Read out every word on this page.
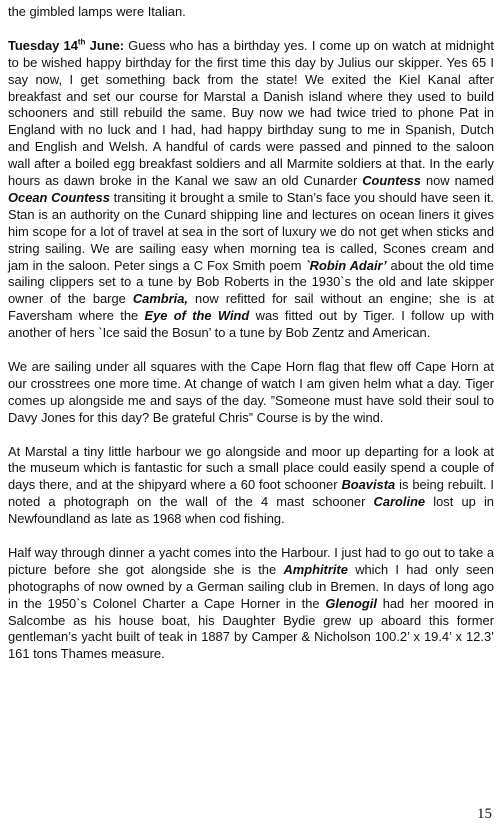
the gimbled lamps were Italian.

Tuesday 14th June: Guess who has a birthday yes. I come up on watch at midnight to be wished happy birthday for the first time this day by Julius our skipper. Yes 65 I say now, I get something back from the state! We exited the Kiel Kanal after breakfast and set our course for Marstal a Danish island where they used to build schooners and still rebuild the same. Buy now we had twice tried to phone Pat in England with no luck and I had, had happy birthday sung to me in Spanish, Dutch and English and Welsh. A handful of cards were passed and pinned to the saloon wall after a boiled egg breakfast soldiers and all Marmite soldiers at that. In the early hours as dawn broke in the Kanal we saw an old Cunarder Countess now named Ocean Countess transiting it brought a smile to Stan’s face you should have seen it. Stan is an authority on the Cunard shipping line and lectures on ocean liners it gives him scope for a lot of travel at sea in the sort of luxury we do not get when sticks and string sailing. We are sailing easy when morning tea is called, Scones cream and jam in the saloon. Peter sings a C Fox Smith poem `Robin Adair’ about the old time sailing clippers set to a tune by Bob Roberts in the 1930`s the old and late skipper owner of the barge Cambria, now refitted for sail without an engine; she is at Faversham where the Eye of the Wind was fitted out by Tiger. I follow up with another of hers `Ice said the Bosun’ to a tune by Bob Zentz and American.

We are sailing under all squares with the Cape Horn flag that flew off Cape Horn at our crosstrees one more time. At change of watch I am given helm what a day. Tiger comes up alongside me and says of the day. ”Someone must have sold their soul to Davy Jones for this day? Be grateful Chris” Course is by the wind.

At Marstal a tiny little harbour we go alongside and moor up departing for a look at the museum which is fantastic for such a small place could easily spend a couple of days there, and at the shipyard where a 60 foot schooner Boavista is being rebuilt. I noted a photograph on the wall of the 4 mast schooner Caroline lost up in Newfoundland as late as 1968 when cod fishing.

Half way through dinner a yacht comes into the Harbour. I just had to go out to take a picture before she got alongside she is the Amphitrite which I had only seen photographs of now owned by a German sailing club in Bremen. In days of long ago in the 1950`s Colonel Charter a Cape Horner in the Glenogil had her moored in Salcombe as his house boat, his Daughter Bydie grew up aboard this former gentleman’s yacht built of teak in 1887 by Camper & Nicholson 100.2’ x 19.4’ x 12.3’ 161 tons Thames measure.

15
